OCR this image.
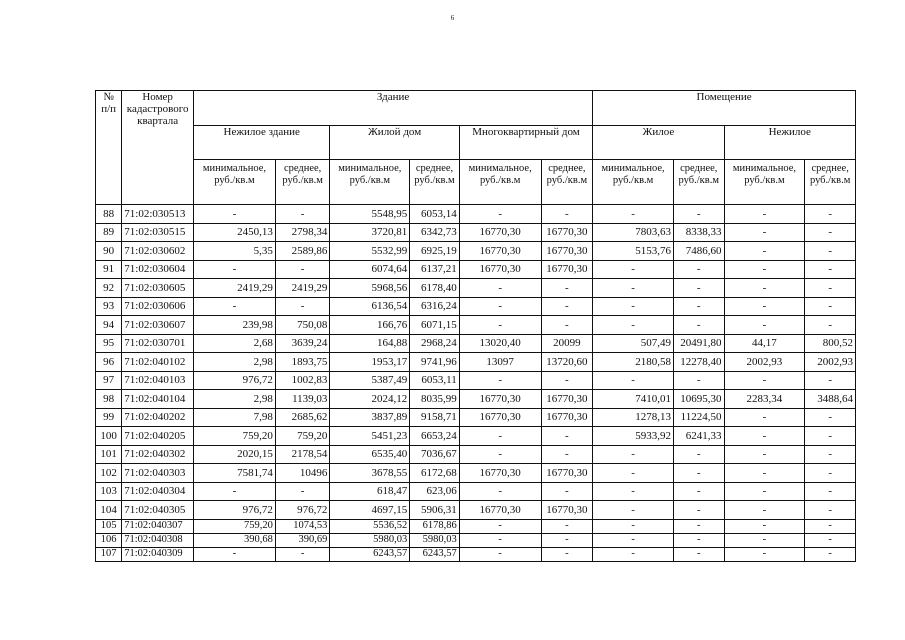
6
№ п/п	Номер кадастрового квартала	Здание						Помещение			
		Нежилое здание		Жилой дом		Многоквартирный дом		Жилое		Нежилое	
		минимальное, руб./кв.м	среднее, руб./кв.м	минимальное, руб./кв.м	среднее, руб./кв.м	минимальное, руб./кв.м	среднее, руб./кв.м	минимальное, руб./кв.м	среднее, руб./кв.м	минимальное, руб./кв.м	среднее, руб./кв.м
88	71:02:030513	-	-	5548,95	6053,14	-	-	-	-	-	-
89	71:02:030515	2450,13	2798,34	3720,81	6342,73	16770,30	16770,30	7803,63	8338,33	-	-
90	71:02:030602	5,35	2589,86	5532,99	6925,19	16770,30	16770,30	5153,76	7486,60	-	-
91	71:02:030604	-	-	6074,64	6137,21	16770,30	16770,30	-	-	-	-
92	71:02:030605	2419,29	2419,29	5968,56	6178,40	-	-	-	-	-	-
93	71:02:030606	-	-	6136,54	6316,24	-	-	-	-	-	-
94	71:02:030607	239,98	750,08	166,76	6071,15	-	-	-	-	-	-
95	71:02:030701	2,68	3639,24	164,88	2968,24	13020,40	20099	507,49	20491,80	44,17	800,52
96	71:02:040102	2,98	1893,75	1953,17	9741,96	13097	13720,60	2180,58	12278,40	2002,93	2002,93
97	71:02:040103	976,72	1002,83	5387,49	6053,11	-	-	-	-	-	-
98	71:02:040104	2,98	1139,03	2024,12	8035,99	16770,30	16770,30	7410,01	10695,30	2283,34	3488,64
99	71:02:040202	7,98	2685,62	3837,89	9158,71	16770,30	16770,30	1278,13	11224,50	-	-
100	71:02:040205	759,20	759,20	5451,23	6653,24	-	-	5933,92	6241,33	-	-
101	71:02:040302	2020,15	2178,54	6535,40	7036,67	-	-	-	-	-	-
102	71:02:040303	7581,74	10496	3678,55	6172,68	16770,30	16770,30	-	-	-	-
103	71:02:040304	-	-	618,47	623,06	-	-	-	-	-	-
104	71:02:040305	976,72	976,72	4697,15	5906,31	16770,30	16770,30	-	-	-	-
105	71:02:040307	759,20	1074,53	5536,52	6178,86	-	-	-	-	-	-
106	71:02:040308	390,68	390,69	5980,03	5980,03	-	-	-	-	-	-
107	71:02:040309	-	-	6243,57	6243,57	-	-	-	-	-	-
